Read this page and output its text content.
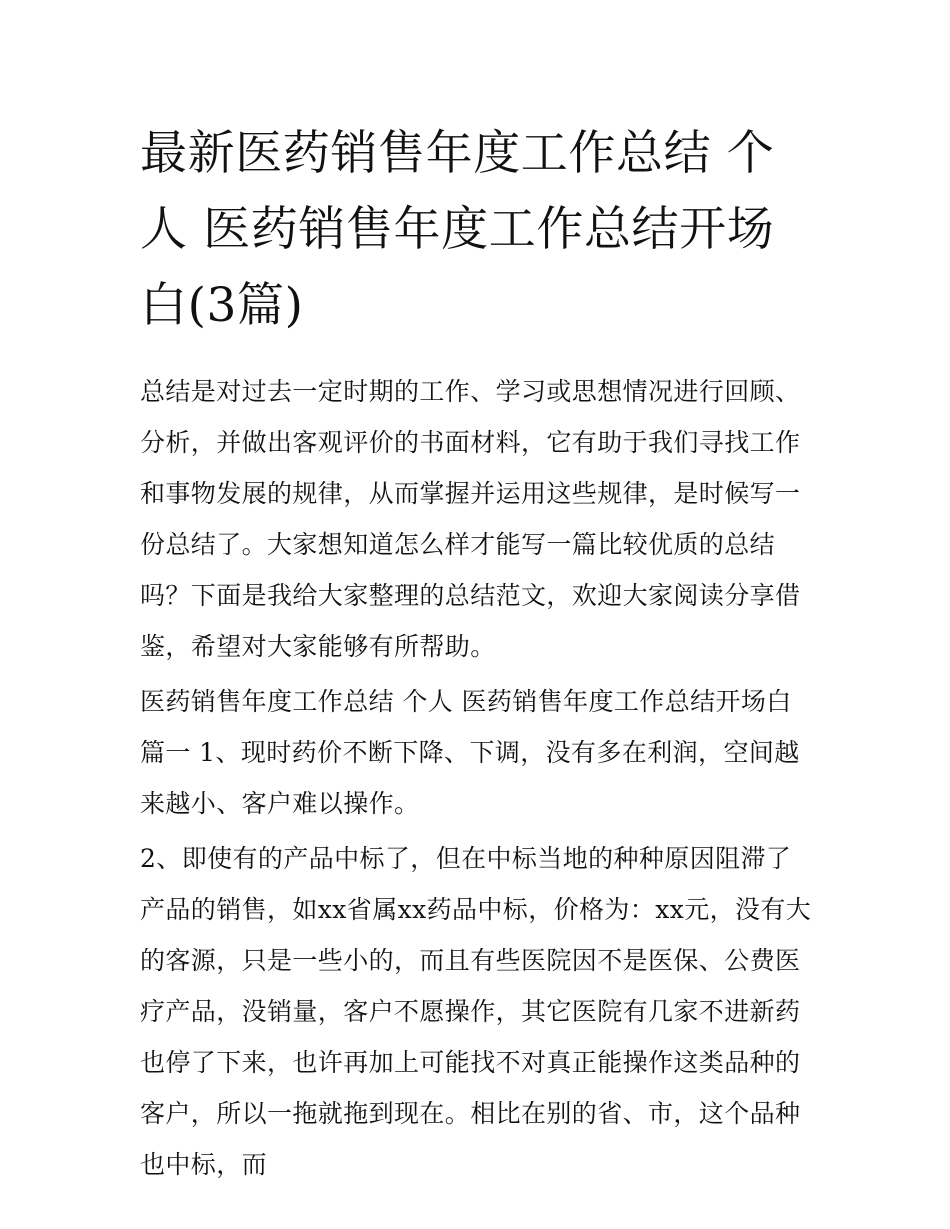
最新医药销售年度工作总结 个人 医药销售年度工作总结开场白(3篇)

总结是对过去一定时期的工作、学习或思想情况进行回顾、分析，并做出客观评价的书面材料，它有助于我们寻找工作和事物发展的规律，从而掌握并运用这些规律，是时候写一份总结了。大家想知道怎么样才能写一篇比较优质的总结吗？下面是我给大家整理的总结范文，欢迎大家阅读分享借鉴，希望对大家能够有所帮助。

医药销售年度工作总结 个人 医药销售年度工作总结开场白篇一 1、现时药价不断下降、下调，没有多在利润，空间越来越小、客户难以操作。

2、即使有的产品中标了，但在中标当地的种种原因阻滞了产品的销售，如xx省属xx药品中标，价格为：xx元，没有大的客源，只是一些小的，而且有些医院因不是医保、公费医疗产品，没销量，客户不愿操作，其它医院有几家不进新药也停了下来，也许再加上可能找不对真正能操作这类品种的客户，所以一拖就拖到现在。相比在别的省、市，这个品种也中标，而
